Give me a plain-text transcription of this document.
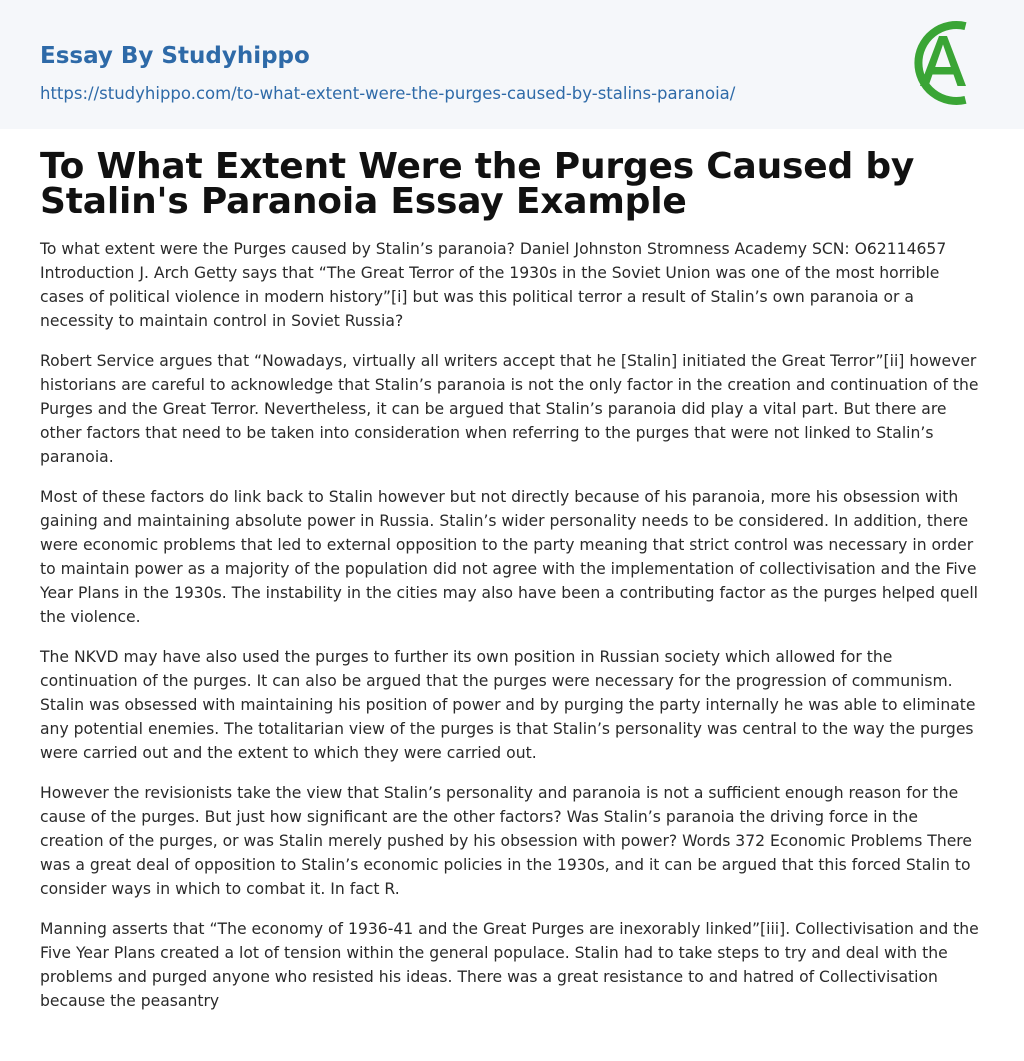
Essay By Studyhippo
https://studyhippo.com/to-what-extent-were-the-purges-caused-by-stalins-paranoia/
To What Extent Were the Purges Caused by Stalin's Paranoia Essay Example

To what extent were the Purges caused by Stalin’s paranoia? Daniel Johnston Stromness Academy SCN: O62114657 Introduction J. Arch Getty says that “The Great Terror of the 1930s in the Soviet Union was one of the most horrible cases of political violence in modern history”[i] but was this political terror a result of Stalin’s own paranoia or a necessity to maintain control in Soviet Russia?

Robert Service argues that “Nowadays, virtually all writers accept that he [Stalin] initiated the Great Terror”[ii] however historians are careful to acknowledge that Stalin’s paranoia is not the only factor in the creation and continuation of the Purges and the Great Terror. Nevertheless, it can be argued that Stalin’s paranoia did play a vital part. But there are other factors that need to be taken into consideration when referring to the purges that were not linked to Stalin’s paranoia.

Most of these factors do link back to Stalin however but not directly because of his paranoia, more his obsession with gaining and maintaining absolute power in Russia. Stalin’s wider personality needs to be considered. In addition, there were economic problems that led to external opposition to the party meaning that strict control was necessary in order to maintain power as a majority of the population did not agree with the implementation of collectivisation and the Five Year Plans in the 1930s. The instability in the cities may also have been a contributing factor as the purges helped quell the violence.

The NKVD may have also used the purges to further its own position in Russian society which allowed for the continuation of the purges. It can also be argued that the purges were necessary for the progression of communism. Stalin was obsessed with maintaining his position of power and by purging the party internally he was able to eliminate any potential enemies. The totalitarian view of the purges is that Stalin’s personality was central to the way the purges were carried out and the extent to which they were carried out.

However the revisionists take the view that Stalin’s personality and paranoia is not a sufficient enough reason for the cause of the purges. But just how significant are the other factors? Was Stalin’s paranoia the driving force in the creation of the purges, or was Stalin merely pushed by his obsession with power? Words 372 Economic Problems There was a great deal of opposition to Stalin’s economic policies in the 1930s, and it can be argued that this forced Stalin to consider ways in which to combat it. In fact R.

Manning asserts that “The economy of 1936-41 and the Great Purges are inexorably linked”[iii]. Collectivisation and the Five Year Plans created a lot of tension within the general populace. Stalin had to take steps to try and deal with the problems and purged anyone who resisted his ideas. There was a great resistance to and hatred of Collectivisation because the peasantry
